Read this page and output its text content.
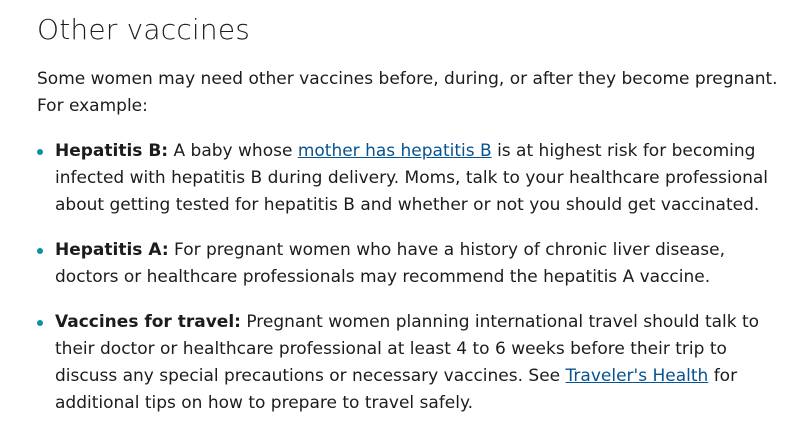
Other vaccines

Some women may need other vaccines before, during, or after they become pregnant. For example:

Hepatitis B: A baby whose mother has hepatitis B is at highest risk for becoming infected with hepatitis B during delivery. Moms, talk to your healthcare professional about getting tested for hepatitis B and whether or not you should get vaccinated.
Hepatitis A: For pregnant women who have a history of chronic liver disease, doctors or healthcare professionals may recommend the hepatitis A vaccine.
Vaccines for travel: Pregnant women planning international travel should talk to their doctor or healthcare professional at least 4 to 6 weeks before their trip to discuss any special precautions or necessary vaccines. See Traveler's Health for additional tips on how to prepare to travel safely.
